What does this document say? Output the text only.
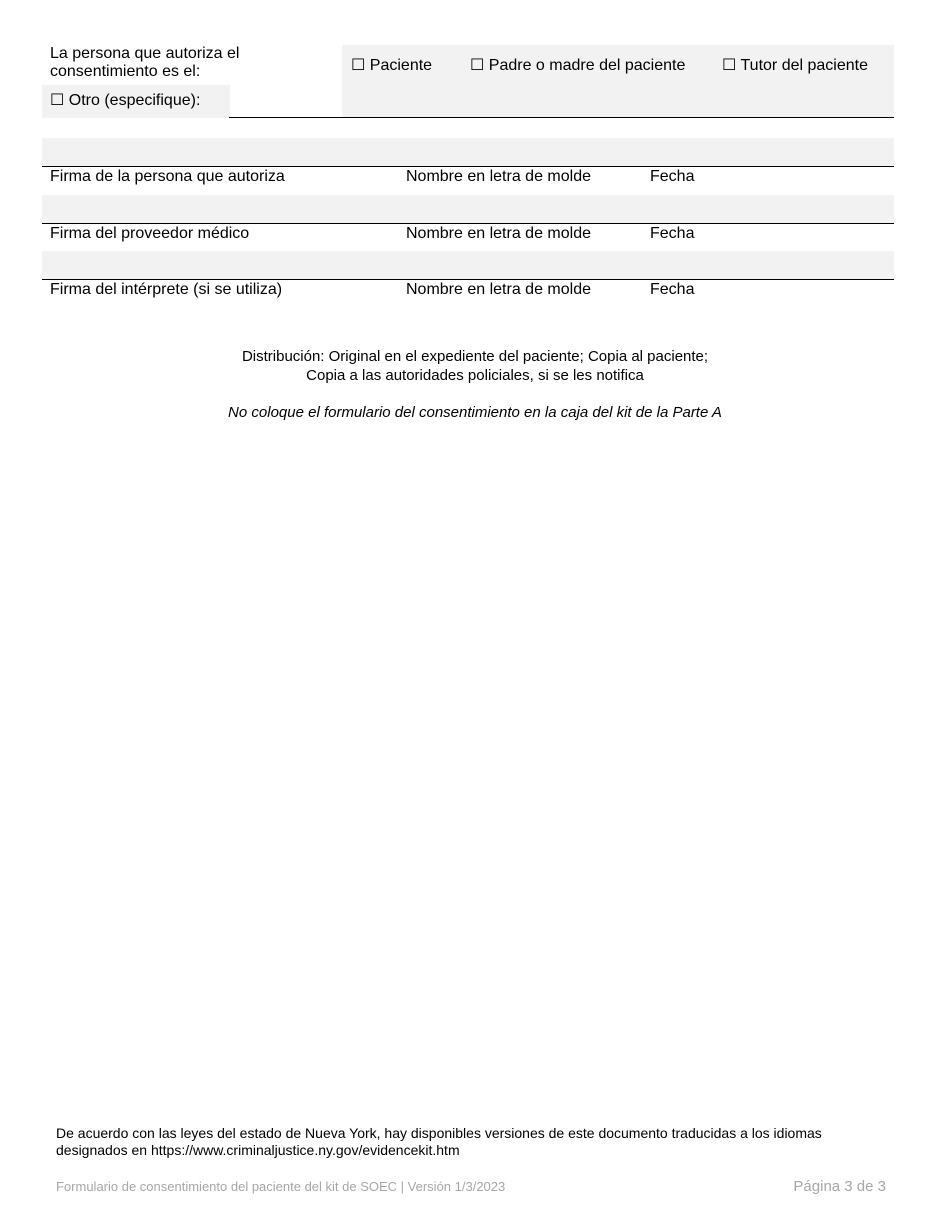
La persona que autoriza el consentimiento es el:	☐ Paciente ☐ Padre o madre del paciente ☐ Tutor del paciente
☐ Otro (especifique):
Firma de la persona que autoriza	Nombre en letra de molde	Fecha
Firma del proveedor médico	Nombre en letra de molde	Fecha
Firma del intérprete (si se utiliza)	Nombre en letra de molde	Fecha
Distribución: Original en el expediente del paciente; Copia al paciente;
Copia a las autoridades policiales, si se les notifica
No coloque el formulario del consentimiento en la caja del kit de la Parte A
De acuerdo con las leyes del estado de Nueva York, hay disponibles versiones de este documento traducidas a los idiomas designados en https://www.criminaljustice.ny.gov/evidencekit.htm
Formulario de consentimiento del paciente del kit de SOEC | Versión 1/3/2023	Página 3 de 3
